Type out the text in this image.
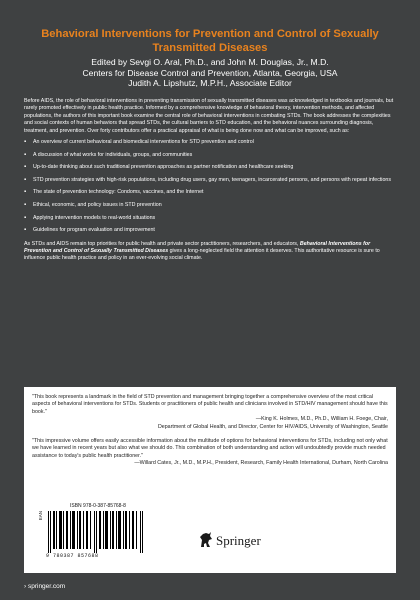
Behavioral Interventions for Prevention and Control of Sexually Transmitted Diseases
Edited by Sevgi O. Aral, Ph.D., and John M. Douglas, Jr., M.D.
Centers for Disease Control and Prevention, Atlanta, Georgia, USA
Judith A. Lipshutz, M.P.H., Associate Editor

Before AIDS, the role of behavioral interventions in preventing transmission of sexually transmitted diseases was acknowledged in textbooks and journals, but rarely promoted effectively in public health practice. Informed by a comprehensive knowledge of behavioral theory, intervention methods, and affected populations, the authors of this important book examine the central role of behavioral interventions in combating STDs. The book addresses the complexities and social contexts of human behaviors that spread STDs, the cultural barriers to STD education, and the behavioral nuances surrounding diagnosis, treatment, and prevention. Over forty contributors offer a practical appraisal of what is being done now and what can be improved, such as:

▪ An overview of current behavioral and biomedical interventions for STD prevention and control
▪ A discussion of what works for individuals, groups, and communities
▪ Up-to-date thinking about such traditional prevention approaches as partner notification and healthcare seeking
▪ STD prevention strategies with high-risk populations, including drug users, gay men, teenagers, incarcerated persons, and persons with repeat infections
▪ The state of prevention technology: Condoms, vaccines, and the Internet
▪ Ethical, economic, and policy issues in STD prevention
▪ Applying intervention models to real-world situations
▪ Guidelines for program evaluation and improvement

As STDs and AIDS remain top priorities for public health and private sector practitioners, researchers, and educators, Behavioral Interventions for Prevention and Control of Sexually Transmitted Diseases gives a long-neglected field the attention it deserves. This authoritative resource is sure to influence public health practice and policy in an ever-evolving social climate.

"This book represents a landmark in the field of STD prevention and management bringing together a comprehensive overview of the most critical aspects of behavioral interventions for STDs. Students or practitioners of public health and clinicians involved in STD/HIV management should have this book."
—King K. Holmes, M.D., Ph.D., William H. Foege, Chair,
Department of Global Health, and Director, Center for HIV/AIDS, University of Washington, Seattle
"This impressive volume offers easily accessible information about the multitude of options for behavioral interventions for STDs, including not only what we have learned in recent years but also what we should do. This combination of both understanding and action will undoubtedly provide much needed assistance to today's public health practitioner."
—Willard Cates, Jr., M.D., M.P.H., President, Research, Family Health International, Durham, North Carolina
ISBN 978-0-387-85768-8
EAN
9 780387 857688
Springer
› springer.com
